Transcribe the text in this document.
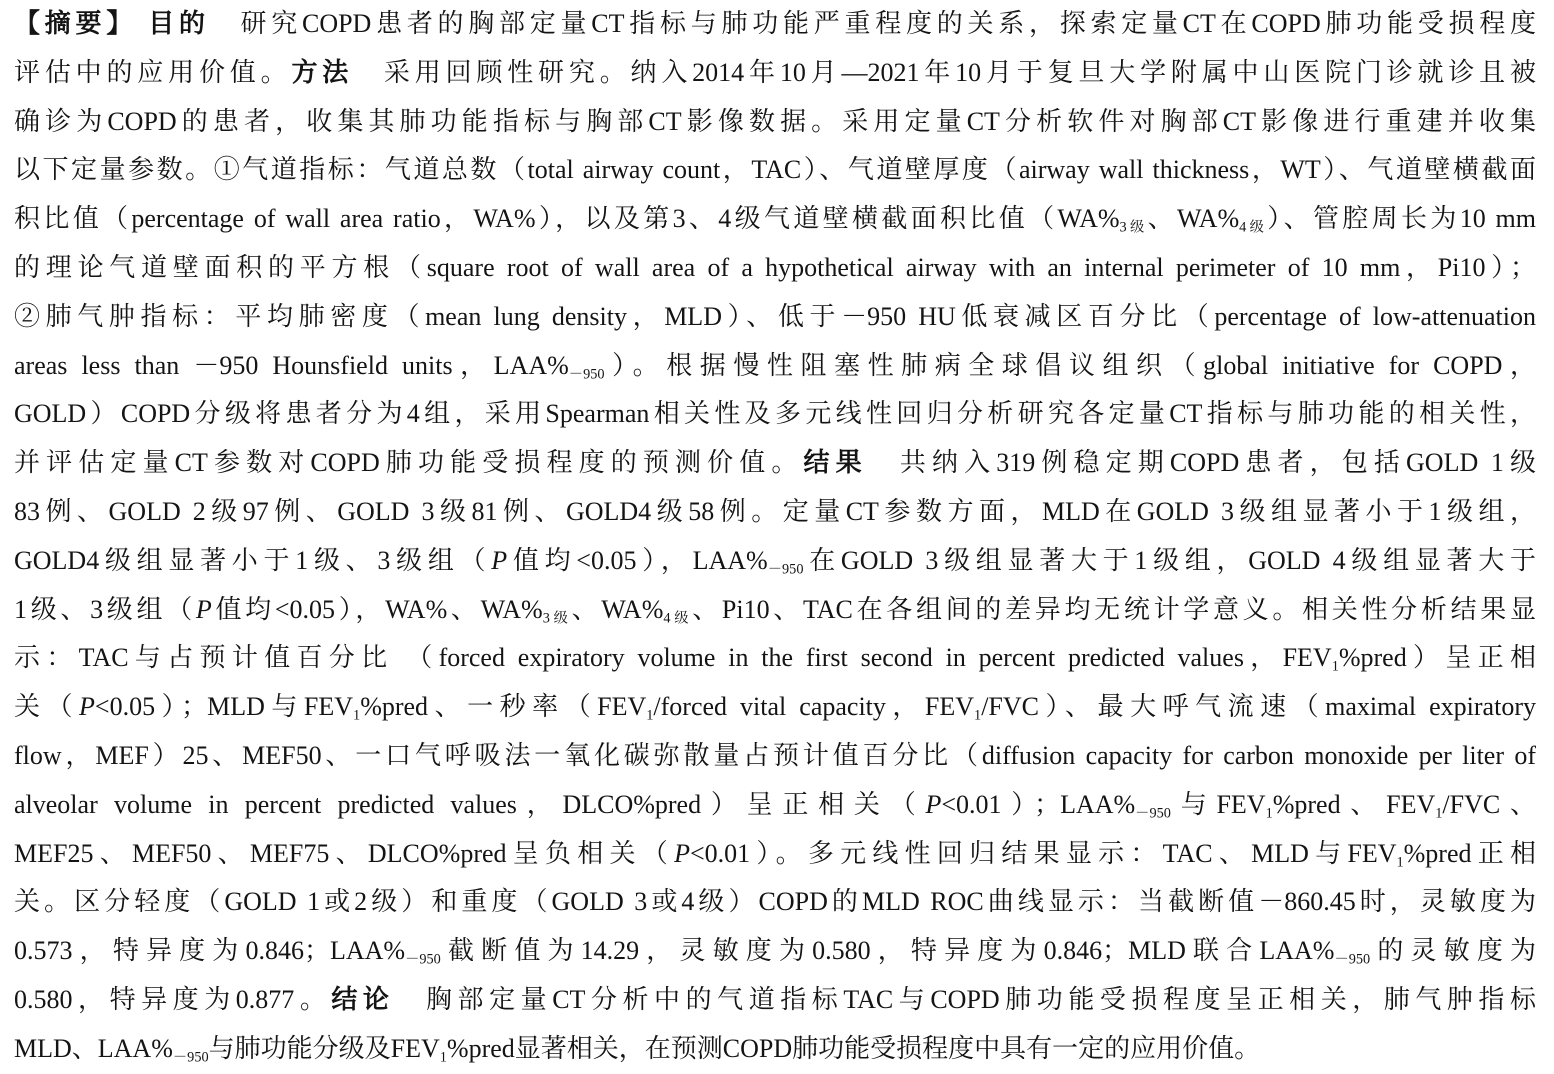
【摘要】 目的　研究COPD患者的胸部定量CT指标与肺功能严重程度的关系，探索定量CT在COPD肺功能受损程度
评估中的应用价值。方法　采用回顾性研究。纳入2014年10月—2021年10月于复旦大学附属中山医院门诊就诊且被
确诊为COPD的患者，收集其肺功能指标与胸部CT影像数据。采用定量CT分析软件对胸部CT影像进行重建并收集
以下定量参数。①气道指标：气道总数（total airway count，TAC）、气道壁厚度（airway wall thickness，WT）、气道壁横截面
积比值（percentage of wall area ratio，WA%），以及第3、4级气道壁横截面积比值（$WA\%_{3级}$、$WA\%_{4级}$）、管腔周长为10 mm
的理论气道壁面积的平方根（square root of wall area of a hypothetical airway with an internal perimeter of 10 mm，Pi10）；
②肺气肿指标：平均肺密度（mean lung density，MLD）、低于－950 HU低衰减区百分比（percentage of low-attenuation
areas less than －950 Hounsfield units，$LAA\%_{-950}$）。根据慢性阻塞性肺病全球倡议组织（global initiative for COPD，
GOLD）COPD分级将患者分为4组，采用Spearman相关性及多元线性回归分析研究各定量CT指标与肺功能的相关性，
并评估定量CT参数对COPD肺功能受损程度的预测价值。结果　共纳入319例稳定期COPD患者，包括GOLD 1级
83例、GOLD 2级97例、GOLD 3级81例、GOLD4级58例。定量CT参数方面，MLD在GOLD 3级组显著小于1级组，
GOLD4级组显著小于1级、3级组（P值均<0.05），$LAA\%_{-950}$在GOLD 3级组显著大于1级组，GOLD 4级组显著大于
1级、3级组（P值均<0.05），WA%、$WA\%_{3级}$、$WA\%_{4级}$、Pi10、TAC在各组间的差异均无统计学意义。相关性分析结果显
示：TAC与占预计值百分比 （forced expiratory volume in the first second in percent predicted values，$FEV_1\%pred$）呈正相
关（P<0.05）；MLD与$FEV_1\%pred$、一秒率（$FEV_1$/forced vital capacity，$FEV_1/FVC$）、最大呼气流速（maximal expiratory
flow，MEF）25、MEF50、一口气呼吸法一氧化碳弥散量占预计值百分比（diffusion capacity for carbon monoxide per liter of
alveolar volume in percent predicted values，DLCO%pred）呈正相关（P<0.01）；$LAA\%_{-950}$与$FEV_1\%pred$、$FEV_1$/FVC、
MEF25、MEF50、MEF75、DLCO%pred呈负相关（P<0.01）。多元线性回归结果显示：TAC、MLD与$FEV_1\%pred$正相
关。区分轻度（GOLD 1或2级）和重度（GOLD 3或4级）COPD的MLD ROC曲线显示：当截断值－860.45时，灵敏度为
0.573，特异度为0.846；$LAA\%_{-950}$截断值为14.29，灵敏度为0.580，特异度为0.846；MLD联合$LAA\%_{-950}$的灵敏度为
0.580，特异度为0.877。结论　胸部定量CT分析中的气道指标TAC与COPD肺功能受损程度呈正相关，肺气肿指标
MLD、$LAA\%_{-950}$与肺功能分级及$FEV_1\%pred$显著相关，在预测COPD肺功能受损程度中具有一定的应用价值。
